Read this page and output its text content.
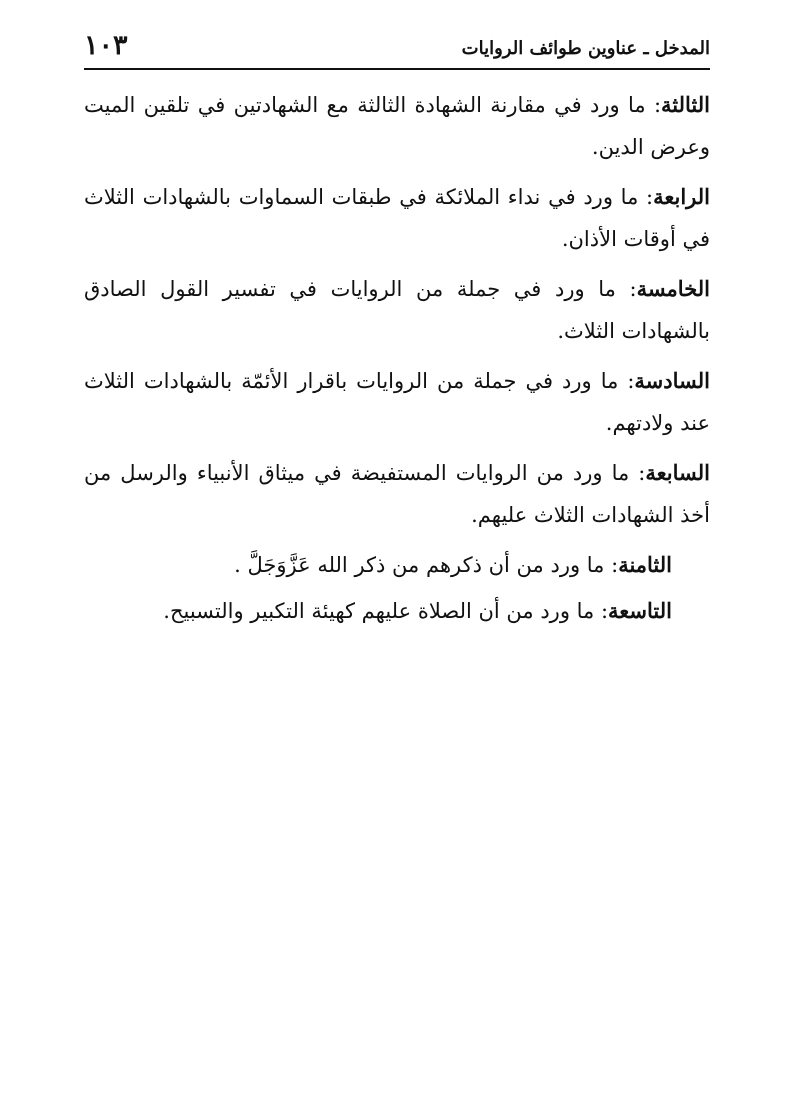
المدخل ـ عناوين طوائف الروايات
١٠٣

الثالثة: ما ورد في مقارنة الشهادة الثالثة مع الشهادتين في تلقين الميت وعرض الدين.

الرابعة: ما ورد في نداء الملائكة في طبقات السماوات بالشهادات الثلاث في أوقات الأذان.

الخامسة: ما ورد في جملة من الروايات في تفسير القول الصادق بالشهادات الثلاث.

السادسة: ما ورد في جملة من الروايات باقرار الأئمّة بالشهادات الثلاث عند ولادتهم.

السابعة: ما ورد من الروايات المستفيضة في ميثاق الأنبياء والرسل من أخذ الشهادات الثلاث عليهم.

الثامنة: ما ورد من أن ذكرهم من ذكر الله عَزَّوَجَلَّ .

التاسعة: ما ورد من أن الصلاة عليهم كهيئة التكبير والتسبيح.
